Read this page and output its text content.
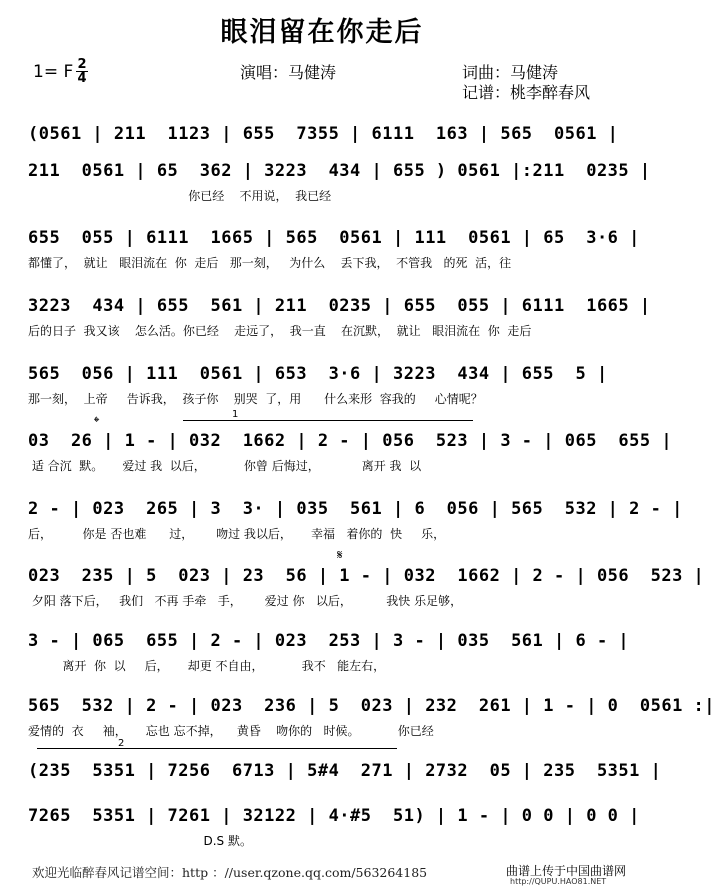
眼泪留在你走后
演唱：马健涛	词曲：马健涛
记谱：桃李醉春风
1= F 2
4
(0561 | 211  1123 | 655  7355 | 6111  163 | 565  0561 |
211  0561 | 65  362 | 3223  434 | 655 ) 0561 |:211  0235 |
你已经    不用说，  我已经
655  055 | 6111  1665 | 565  0561 | 111  0561 | 65  3·6 |
都懂了，  就让   眼泪流在  你  走后   那一刻，   为什么    丢下我，  不管我   的死  活，往
3223  434 | 655  561 | 211  0235 | 655  055 | 6111  1665 |
后的日子  我又该    怎么活。你已经    走远了，  我一直    在沉默，  就让   眼泪流在  你  走后
565  056 | 111  0561 | 653  3·6 | 3223  434 | 655  5 |
那一刻，  上帝     告诉我，  孩子你    别哭  了，用      什么来形  容我的     心情呢？
1
𝄌
03  26 | 1 - | 032  1662 | 2 - | 056  523 | 3 - | 065  655 |
适 合沉  默。     爱过 我  以后，          你曾 后悔过，           离开 我  以
2 - | 023  265 | 3  3· | 035  561 | 6  056 | 565  532 | 2 - |
后，        你是 否也难      过，      吻过 我以后，     幸福   着你的  快     乐，
𝄋
023  235 | 5  023 | 23  56 | 1 - | 032  1662 | 2 - | 056  523 |
夕阳 落下后，   我们   不再 手牵   手，      爱过 你   以后，         我快 乐足够，
3 - | 065  655 | 2 - | 023  253 | 3 - | 035  561 | 6 - |
离开  你  以     后，     却更 不自由，          我不   能左右，
565  532 | 2 - | 023  236 | 5  023 | 232  261 | 1 - | 0  0561 :|
爱情的  衣     袖，     忘也 忘不掉，    黄昏    吻你的   时候。          你已经
2
(235  5351 | 7256  6713 | 5#4  271 | 2732  05 | 235  5351 |
7265  5351 | 7261 | 32122 | 4·#5  51) | 1 - | 0 0 | 0 0 |
D.S 默。
欢迎光临醉春风记谱空间：http ：//user.qzone.qq.com/563264185	曲谱上传于中国曲谱网
http://QUPU.HAO81.NET
